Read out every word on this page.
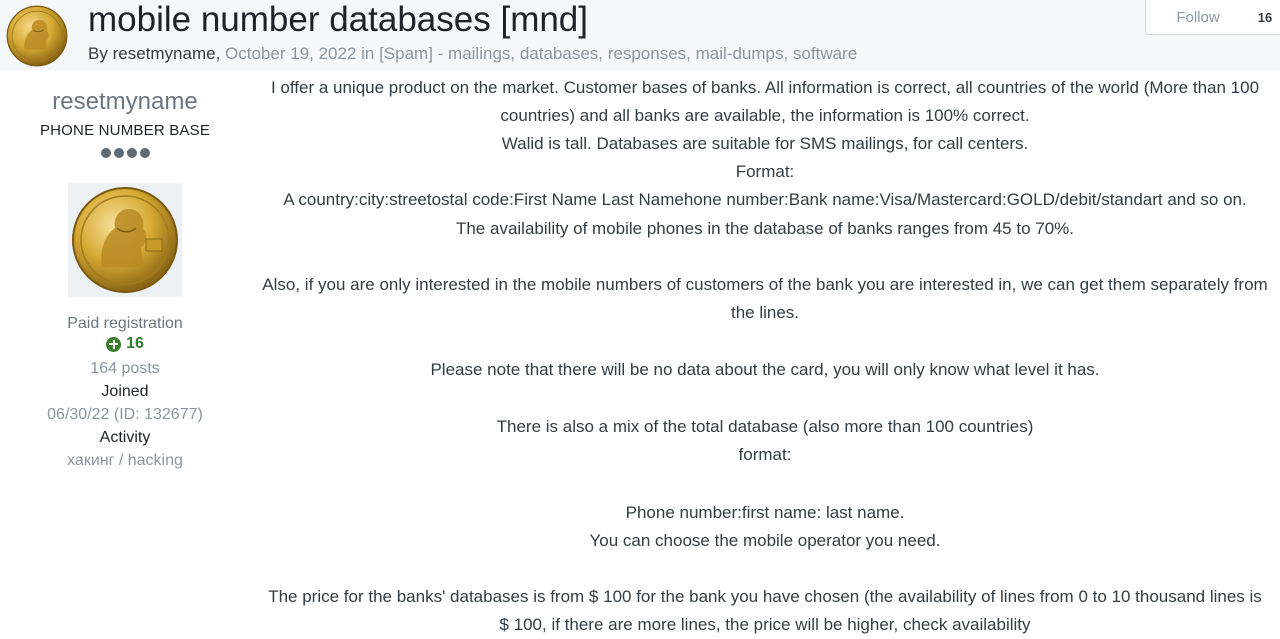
mobile number databases [mnd]
By resetmyname, October 19, 2022 in [Spam] - mailings, databases, responses, mail-dumps, software
Follow	16
resetmyname
PHONE NUMBER BASE
Paid registration
16
164 posts
Joined
06/30/22 (ID: 132677)
Activity
хакинг / hacking

I offer a unique product on the market. Customer bases of banks. All information is correct, all countries of the world (More than 100 countries) and all banks are available, the information is 100% correct.

Walid is tall. Databases are suitable for SMS mailings, for call centers.

Format:

A country:city:streetostal code:First Name Last Namehone number:Bank name:Visa/Mastercard:GOLD/debit/standart and so on.

The availability of mobile phones in the database of banks ranges from 45 to 70%.

Also, if you are only interested in the mobile numbers of customers of the bank you are interested in, we can get them separately from the lines.

Please note that there will be no data about the card, you will only know what level it has.

There is also a mix of the total database (also more than 100 countries)

format:

Phone number:first name: last name.

You can choose the mobile operator you need.

The price for the banks' databases is from $ 100 for the bank you have chosen (the availability of lines from 0 to 10 thousand lines is $ 100, if there are more lines, the price will be higher, check availability
